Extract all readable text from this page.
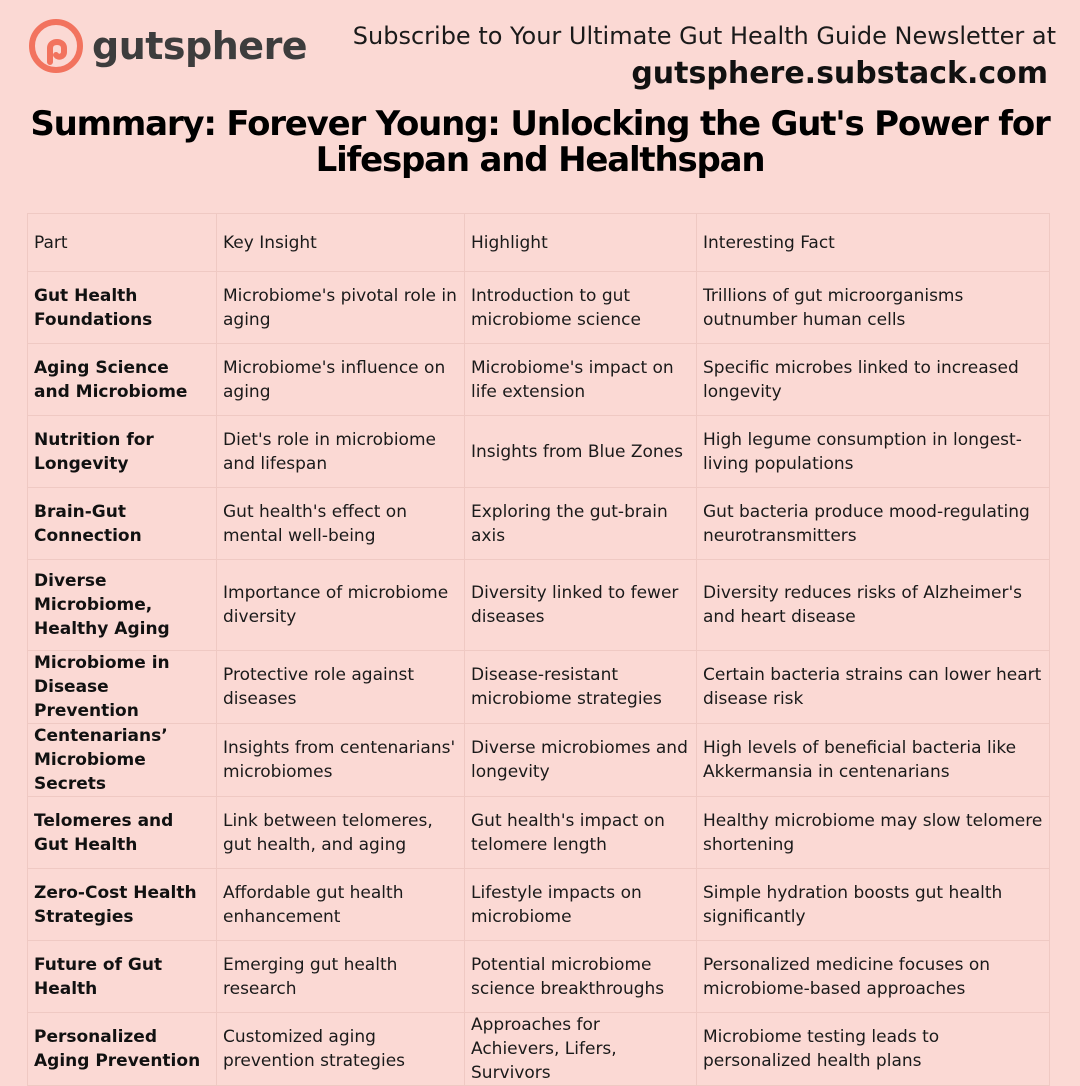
gutsphere Subscribe to Your Ultimate Gut Health Guide Newsletter at
gutsphere.substack.com
Summary: Forever Young: Unlocking the Gut's Power for Lifespan and Healthspan
Part	Key Insight	Highlight	Interesting Fact
Gut Health Foundations	Microbiome's pivotal role in aging	Introduction to gut microbiome science	Trillions of gut microorganisms outnumber human cells
Aging Science and Microbiome	Microbiome's influence on aging	Microbiome's impact on life extension	Specific microbes linked to increased longevity
Nutrition for Longevity	Diet's role in microbiome and lifespan	Insights from Blue Zones	High legume consumption in longest-living populations
Brain-Gut Connection	Gut health's effect on mental well-being	Exploring the gut-brain axis	Gut bacteria produce mood-regulating neurotransmitters
Diverse Microbiome, Healthy Aging	Importance of microbiome diversity	Diversity linked to fewer diseases	Diversity reduces risks of Alzheimer's and heart disease
Microbiome in Disease Prevention	Protective role against diseases	Disease-resistant microbiome strategies	Certain bacteria strains can lower heart disease risk
Centenarians’ Microbiome Secrets	Insights from centenarians' microbiomes	Diverse microbiomes and longevity	High levels of beneficial bacteria like Akkermansia in centenarians
Telomeres and Gut Health	Link between telomeres, gut health, and aging	Gut health's impact on telomere length	Healthy microbiome may slow telomere shortening
Zero-Cost Health Strategies	Affordable gut health enhancement	Lifestyle impacts on microbiome	Simple hydration boosts gut health significantly
Future of Gut Health	Emerging gut health research	Potential microbiome science breakthroughs	Personalized medicine focuses on microbiome-based approaches
Personalized Aging Prevention	Customized aging prevention strategies	Approaches for Achievers, Lifers, Survivors	Microbiome testing leads to personalized health plans
